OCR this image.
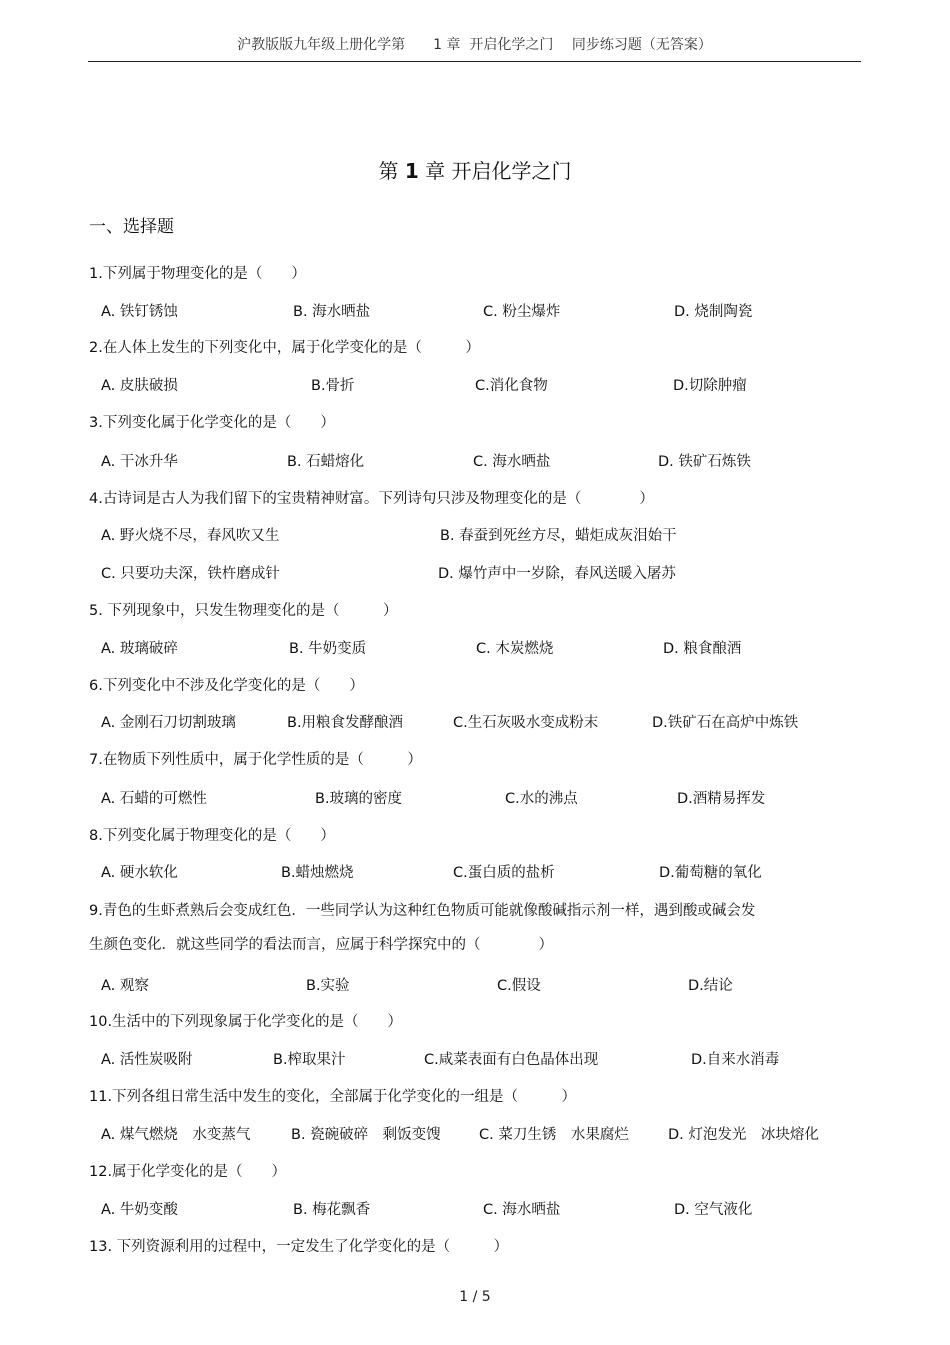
沪教版版九年级上册化学第　　1 章  开启化学之门　 同步练习题（无答案）
第 1 章 开启化学之门
一、选择题
1.下列属于物理变化的是（　　）
A. 铁钉锈蚀	B. 海水晒盐	C. 粉尘爆炸	D. 烧制陶瓷
2.在人体上发生的下列变化中，属于化学变化的是（　　　）
A. 皮肤破损	B.骨折	C.消化食物	D.切除肿瘤
3.下列变化属于化学变化的是（　　）
A. 干冰升华	B. 石蜡熔化	C. 海水晒盐	D. 铁矿石炼铁
4.古诗词是古人为我们留下的宝贵精神财富。下列诗句只涉及物理变化的是（　　　　）
A. 野火烧不尽，春风吹又生	B. 春蚕到死丝方尽，蜡炬成灰泪始干
C. 只要功夫深，铁杵磨成针	D. 爆竹声中一岁除，春风送暖入屠苏
5. 下列现象中，只发生物理变化的是（　　　）
A. 玻璃破碎	B. 牛奶变质	C. 木炭燃烧	D. 粮食酿酒
6.下列变化中不涉及化学变化的是（　　）
A. 金刚石刀切割玻璃	B.用粮食发酵酿酒	C.生石灰吸水变成粉末	D.铁矿石在高炉中炼铁
7.在物质下列性质中，属于化学性质的是（　　　）
A. 石蜡的可燃性	B.玻璃的密度	C.水的沸点	D.酒精易挥发
8.下列变化属于物理变化的是（　　）
A. 硬水软化	B.蜡烛燃烧	C.蛋白质的盐析	D.葡萄糖的氧化
9.青色的生虾煮熟后会变成红色．一些同学认为这种红色物质可能就像酸碱指示剂一样，遇到酸或碱会发
生颜色变化．就这些同学的看法而言，应属于科学探究中的（　　　　）
A. 观察	B.实验	C.假设	D.结论
10.生活中的下列现象属于化学变化的是（　　）
A. 活性炭吸附	B.榨取果汁	C.咸菜表面有白色晶体出现	D.自来水消毒
11.下列各组日常生活中发生的变化，全部属于化学变化的一组是（　　　）
A. 煤气燃烧　水变蒸气	B. 瓷碗破碎　剩饭变馊	C. 菜刀生锈　水果腐烂	D. 灯泡发光　冰块熔化
12.属于化学变化的是（　　）
A. 牛奶变酸	B. 梅花飘香	C. 海水晒盐	D. 空气液化
13. 下列资源利用的过程中，一定发生了化学变化的是（　　　）
1 / 5
